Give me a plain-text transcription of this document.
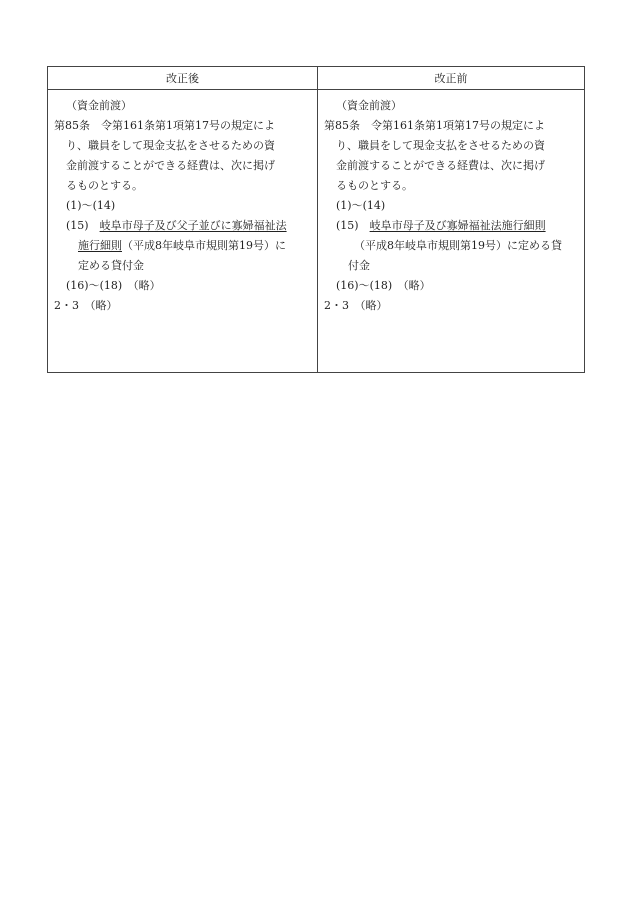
改正後	改正前
（資金前渡）
第85条　令第161条第1項第17号の規定によ
り、職員をして現金支払をさせるための資
金前渡することができる経費は、次に掲げ
るものとする。
(1)～(14)
(15)　 岐阜市母子及び父子並びに寡婦福祉法
施行細則（平成8年岐阜市規則第19号）に
定める貸付金
(16)～(18)　（略）
2・3　（略）
（資金前渡）
第85条　令第161条第1項第17号の規定によ
り、職員をして現金支払をさせるための資
金前渡することができる経費は、次に掲げ
るものとする。
(1)～(14)
(15)　 岐阜市母子及び寡婦福祉法施行細則
（平成8年岐阜市規則第19号）に定める貸
付金
(16)～(18)　（略）
2・3　（略）
